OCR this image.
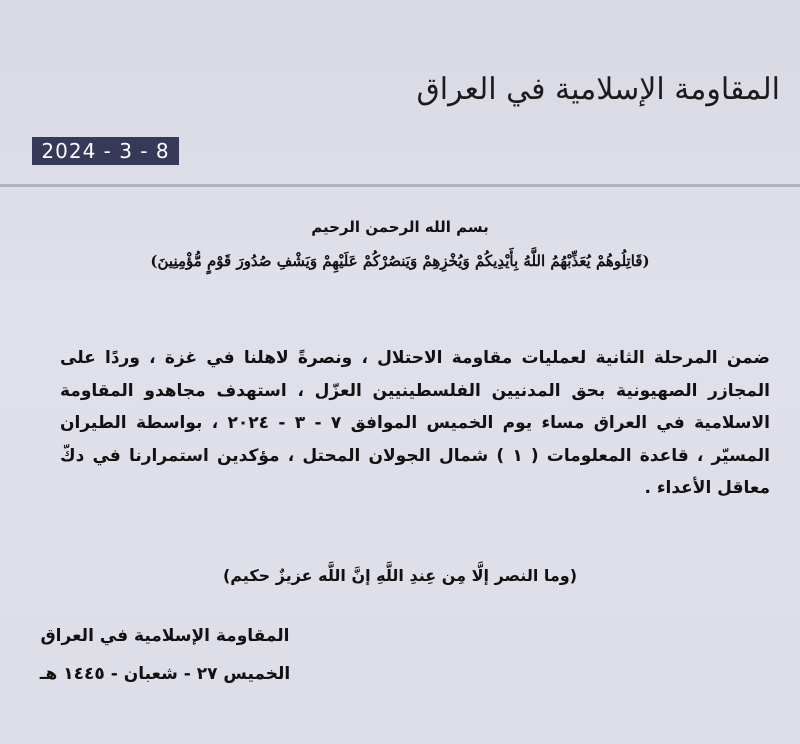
المقاومة الإسلامية في العراق
2024 - 3 - 8
بسم الله الرحمن الرحيم
(قَاتِلُوهُمْ يُعَذِّبْهُمُ اللَّهُ بِأَيْدِيكُمْ وَيُخْزِهِمْ وَيَنصُرْكُمْ عَلَيْهِمْ وَيَشْفِ صُدُورَ قَوْمٍ مُّؤْمِنِينَ)
ضمن المرحلة الثانية لعمليات مقاومة الاحتلال ، ونصرةً لاهلنا في غزة ، وردًا على المجازر الصهيونية بحق المدنيين الفلسطينيين العزّل ، استهدف مجاهدو المقاومة الاسلامية في العراق مساء يوم الخميس الموافق ٧ - ٣ - ٢٠٢٤ ، بواسطة الطيران المسيّر ، قاعدة المعلومات ( ١ ) شمال الجولان المحتل ، مؤكدين استمرارنا في دكّ معاقل الأعداء .
(وما النصر إلَّا مِن عِندِ اللَّهِ إنَّ اللَّه عزيزٌ حكيم)
المقاومة الإسلامية في العراق
الخميس ٢٧ - شعبان - ١٤٤٥ هـ
